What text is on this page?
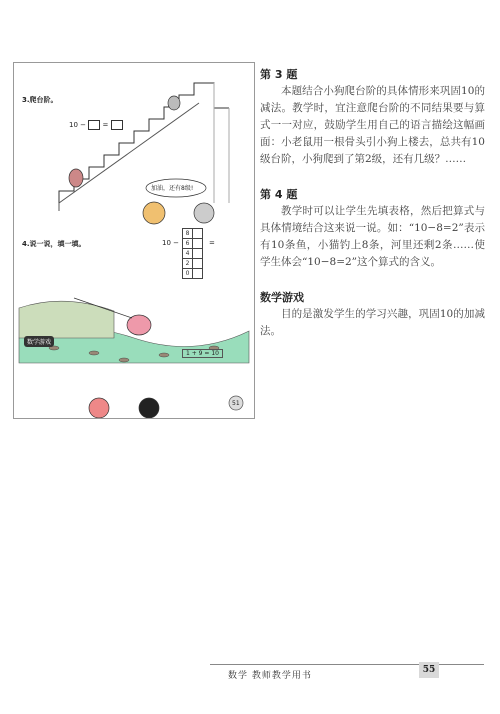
3.爬台阶。
10 −  =
加油，还有8级!
4.说一说，填一填。	10 −
8	
6	
4	
2	
0	
=
数学游戏
1 + 9 = 10
51
第 3 题

本题结合小狗爬台阶的具体情形来巩固10的减法。教学时，宜注意爬台阶的不同结果要与算式一一对应，鼓励学生用自己的语言描绘这幅画面：小老鼠用一根骨头引小狗上楼去，总共有10级台阶，小狗爬到了第2级，还有几级？……

第 4 题

教学时可以让学生先填表格，然后把算式与具体情境结合这来说一说。如：“10−8=2”表示有10条鱼，小猫钓上8条，河里还剩2条……使学生体会“10−8=2”这个算式的含义。

数学游戏

目的是激发学生的学习兴趣，巩固10的加减法。

数学 教师教学用书
55
